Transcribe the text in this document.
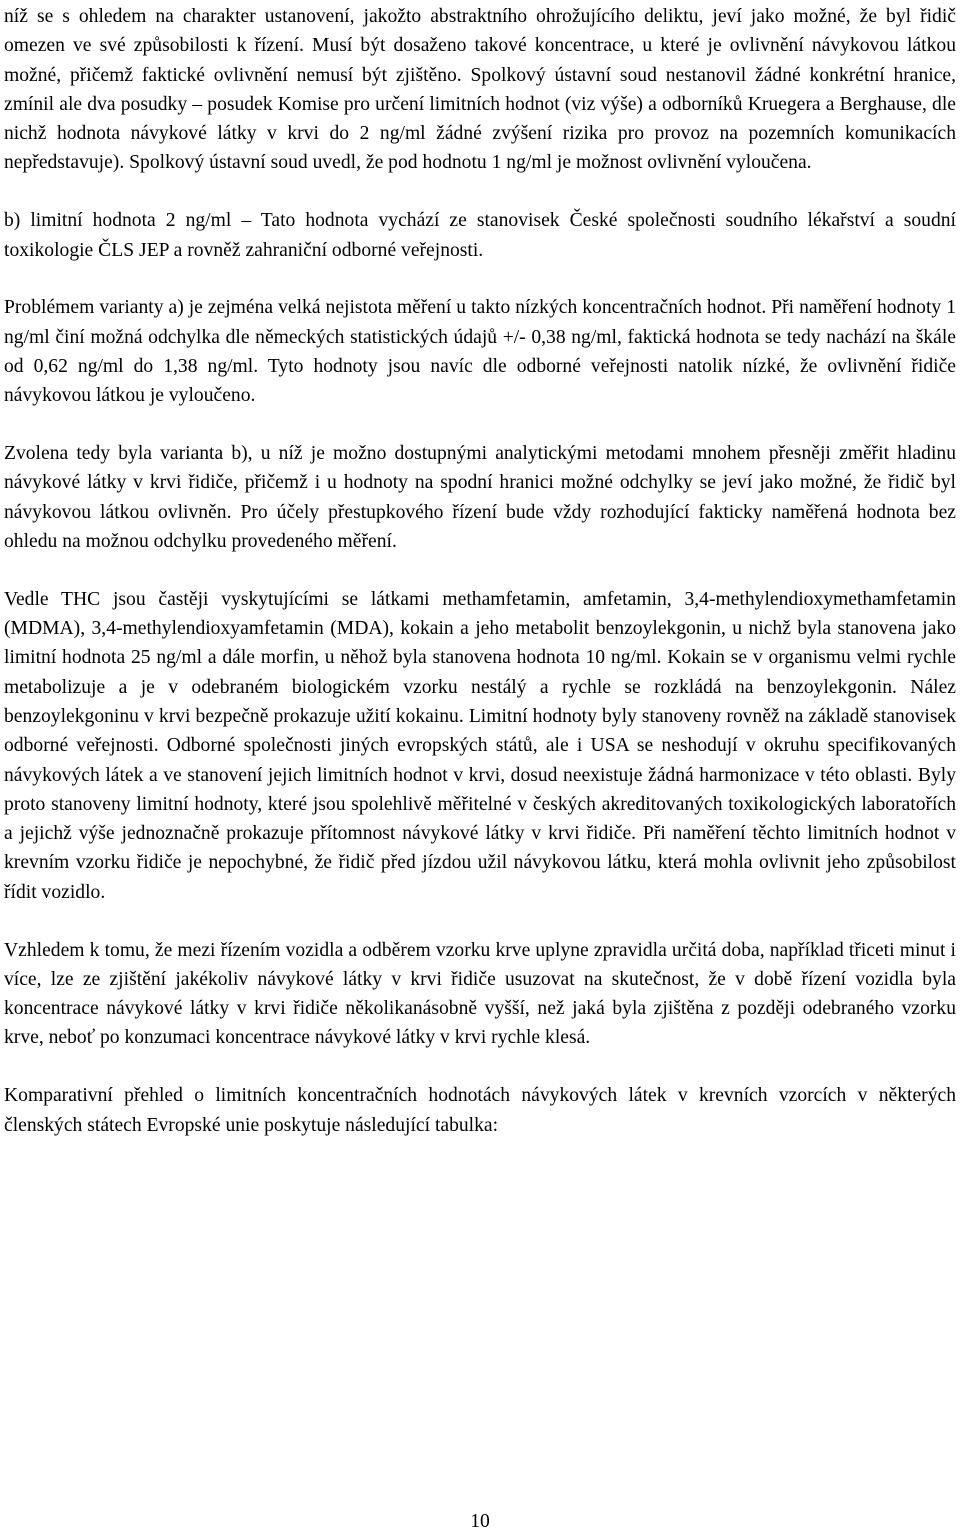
níž se s ohledem na charakter ustanovení, jakožto abstraktního ohrožujícího deliktu, jeví jako možné, že byl řidič omezen ve své způsobilosti k řízení. Musí být dosaženo takové koncentrace, u které je ovlivnění návykovou látkou možné, přičemž faktické ovlivnění nemusí být zjištěno. Spolkový ústavní soud nestanovil žádné konkrétní hranice, zmínil ale dva posudky – posudek Komise pro určení limitních hodnot (viz výše) a odborníků Kruegera a Berghause, dle nichž hodnota návykové látky v krvi do 2 ng/ml žádné zvýšení rizika pro provoz na pozemních komunikacích nepředstavuje). Spolkový ústavní soud uvedl, že pod hodnotu 1 ng/ml je možnost ovlivnění vyloučena.

b) limitní hodnota 2 ng/ml – Tato hodnota vychází ze stanovisek České společnosti soudního lékařství a soudní toxikologie ČLS JEP a rovněž zahraniční odborné veřejnosti.

Problémem varianty a) je zejména velká nejistota měření u takto nízkých koncentračních hodnot. Při naměření hodnoty 1 ng/ml činí možná odchylka dle německých statistických údajů +/- 0,38 ng/ml, faktická hodnota se tedy nachází na škále od 0,62 ng/ml do 1,38 ng/ml. Tyto hodnoty jsou navíc dle odborné veřejnosti natolik nízké, že ovlivnění řidiče návykovou látkou je vyloučeno.

Zvolena tedy byla varianta b), u níž je možno dostupnými analytickými metodami mnohem přesněji změřit hladinu návykové látky v krvi řidiče, přičemž i u hodnoty na spodní hranici možné odchylky se jeví jako možné, že řidič byl návykovou látkou ovlivněn. Pro účely přestupkového řízení bude vždy rozhodující fakticky naměřená hodnota bez ohledu na možnou odchylku provedeného měření.

Vedle THC jsou častěji vyskytujícími se látkami methamfetamin, amfetamin, 3,4-methylendioxymethamfetamin (MDMA), 3,4-methylendioxyamfetamin (MDA), kokain a jeho metabolit benzoylekgonin, u nichž byla stanovena jako limitní hodnota 25 ng/ml a dále morfin, u něhož byla stanovena hodnota 10 ng/ml. Kokain se v organismu velmi rychle metabolizuje a je v odebraném biologickém vzorku nestálý a rychle se rozkládá na benzoylekgonin. Nález benzoylekgoninu v krvi bezpečně prokazuje užití kokainu. Limitní hodnoty byly stanoveny rovněž na základě stanovisek odborné veřejnosti. Odborné společnosti jiných evropských států, ale i USA se neshodují v okruhu specifikovaných návykových látek a ve stanovení jejich limitních hodnot v krvi, dosud neexistuje žádná harmonizace v této oblasti. Byly proto stanoveny limitní hodnoty, které jsou spolehlivě měřitelné v českých akreditovaných toxikologických laboratořích a jejichž výše jednoznačně prokazuje přítomnost návykové látky v krvi řidiče. Při naměření těchto limitních hodnot v krevním vzorku řidiče je nepochybné, že řidič před jízdou užil návykovou látku, která mohla ovlivnit jeho způsobilost řídit vozidlo.

Vzhledem k tomu, že mezi řízením vozidla a odběrem vzorku krve uplyne zpravidla určitá doba, například třiceti minut i více, lze ze zjištění jakékoliv návykové látky v krvi řidiče usuzovat na skutečnost, že v době řízení vozidla byla koncentrace návykové látky v krvi řidiče několikanásobně vyšší, než jaká byla zjištěna z později odebraného vzorku krve, neboť po konzumaci koncentrace návykové látky v krvi rychle klesá.

Komparativní přehled o limitních koncentračních hodnotách návykových látek v krevních vzorcích v některých členských státech Evropské unie poskytuje následující tabulka:

10
